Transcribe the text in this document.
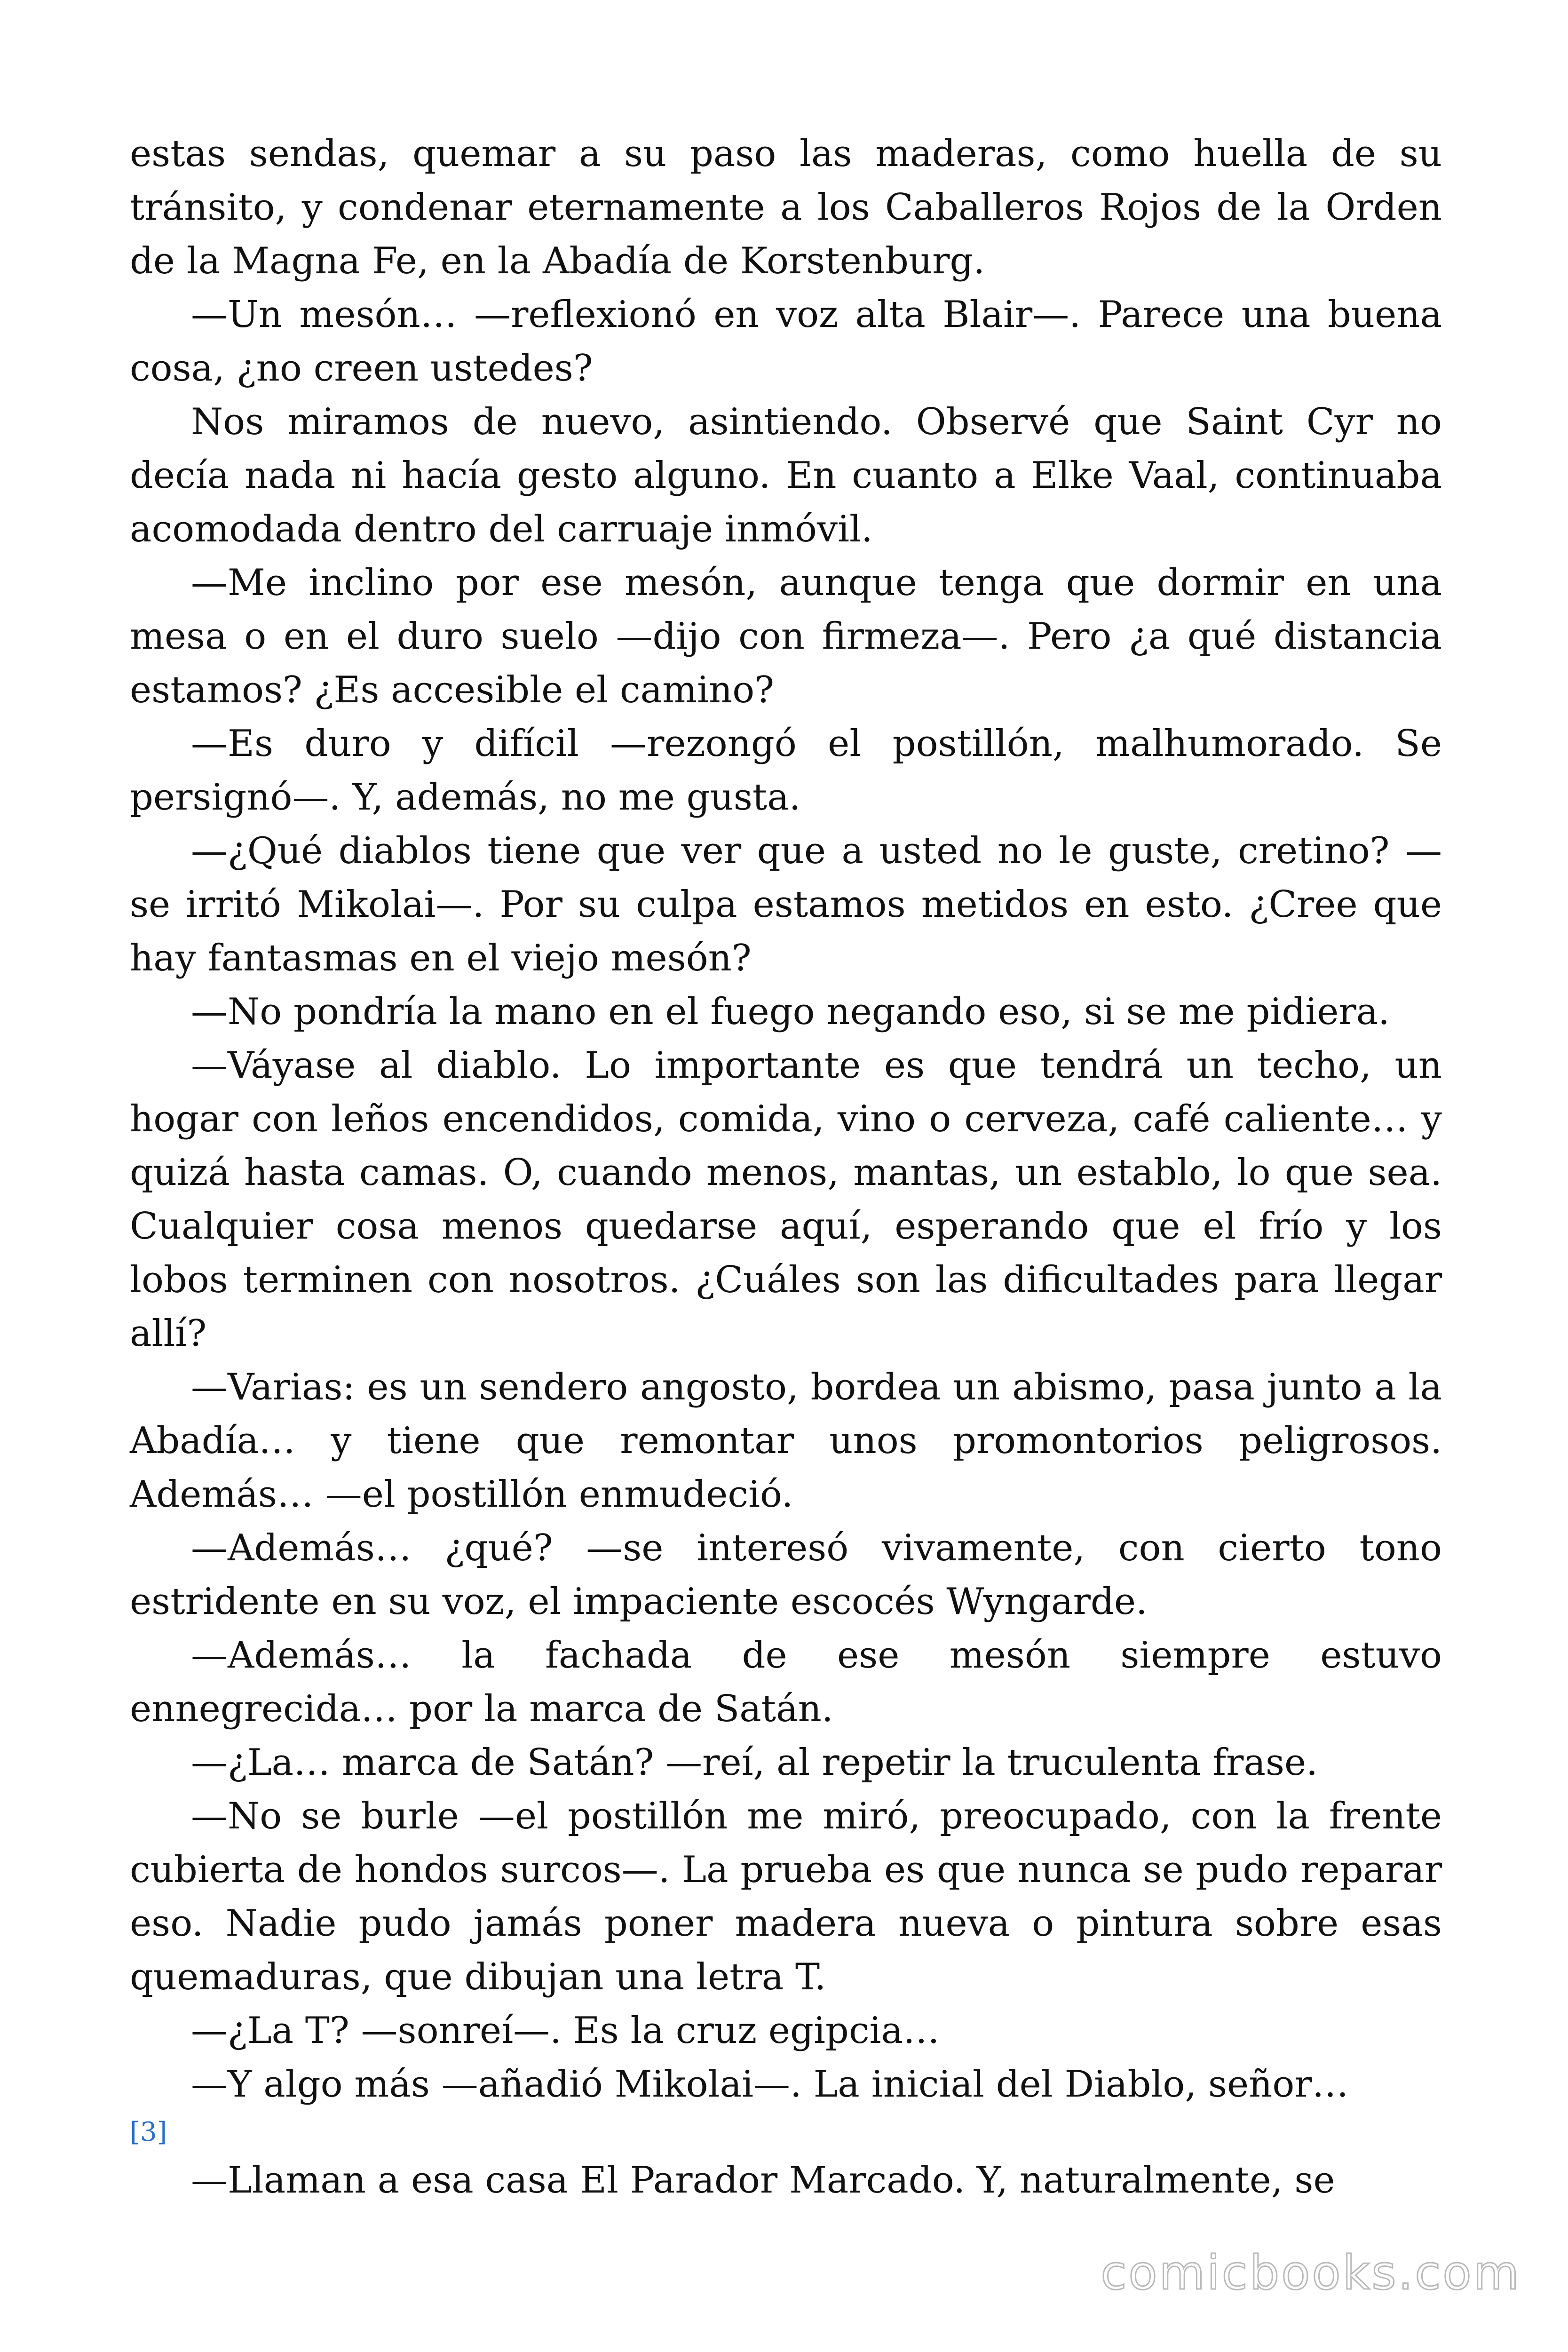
estas sendas, quemar a su paso las maderas, como huella de su tránsito, y condenar eternamente a los Caballeros Rojos de la Orden de la Magna Fe, en la Abadía de Korstenburg.

—Un mesón… —reflexionó en voz alta Blair—. Parece una buena cosa, ¿no creen ustedes?

Nos miramos de nuevo, asintiendo. Observé que Saint Cyr no decía nada ni hacía gesto alguno. En cuanto a Elke Vaal, continuaba acomodada dentro del carruaje inmóvil.

—Me inclino por ese mesón, aunque tenga que dormir en una mesa o en el duro suelo —dijo con firmeza—. Pero ¿a qué distancia estamos? ¿Es accesible el camino?

—Es duro y difícil —rezongó el postillón, malhumorado. Se persignó—. Y, además, no me gusta.

—¿Qué diablos tiene que ver que a usted no le guste, cretino? — se irritó Mikolai—. Por su culpa estamos metidos en esto. ¿Cree que hay fantasmas en el viejo mesón?

—No pondría la mano en el fuego negando eso, si se me pidiera.

—Váyase al diablo. Lo importante es que tendrá un techo, un hogar con leños encendidos, comida, vino o cerveza, café caliente… y quizá hasta camas. O, cuando menos, mantas, un establo, lo que sea. Cualquier cosa menos quedarse aquí, esperando que el frío y los lobos terminen con nosotros. ¿Cuáles son las dificultades para llegar allí?

—Varias: es un sendero angosto, bordea un abismo, pasa junto a la Abadía… y tiene que remontar unos promontorios peligrosos. Además… —el postillón enmudeció.

—Además… ¿qué? —se interesó vivamente, con cierto tono estridente en su voz, el impaciente escocés Wyngarde.

—Además… la fachada de ese mesón siempre estuvo ennegrecida… por la marca de Satán.

—¿La… marca de Satán? —reí, al repetir la truculenta frase.

—No se burle —el postillón me miró, preocupado, con la frente cubierta de hondos surcos—. La prueba es que nunca se pudo reparar eso. Nadie pudo jamás poner madera nueva o pintura sobre esas quemaduras, que dibujan una letra T.

—¿La T? —sonreí—. Es la cruz egipcia…

—Y algo más —añadió Mikolai—. La inicial del Diablo, señor…

[3]

—Llaman a esa casa El Parador Marcado. Y, naturalmente, se

comicbooks.com
